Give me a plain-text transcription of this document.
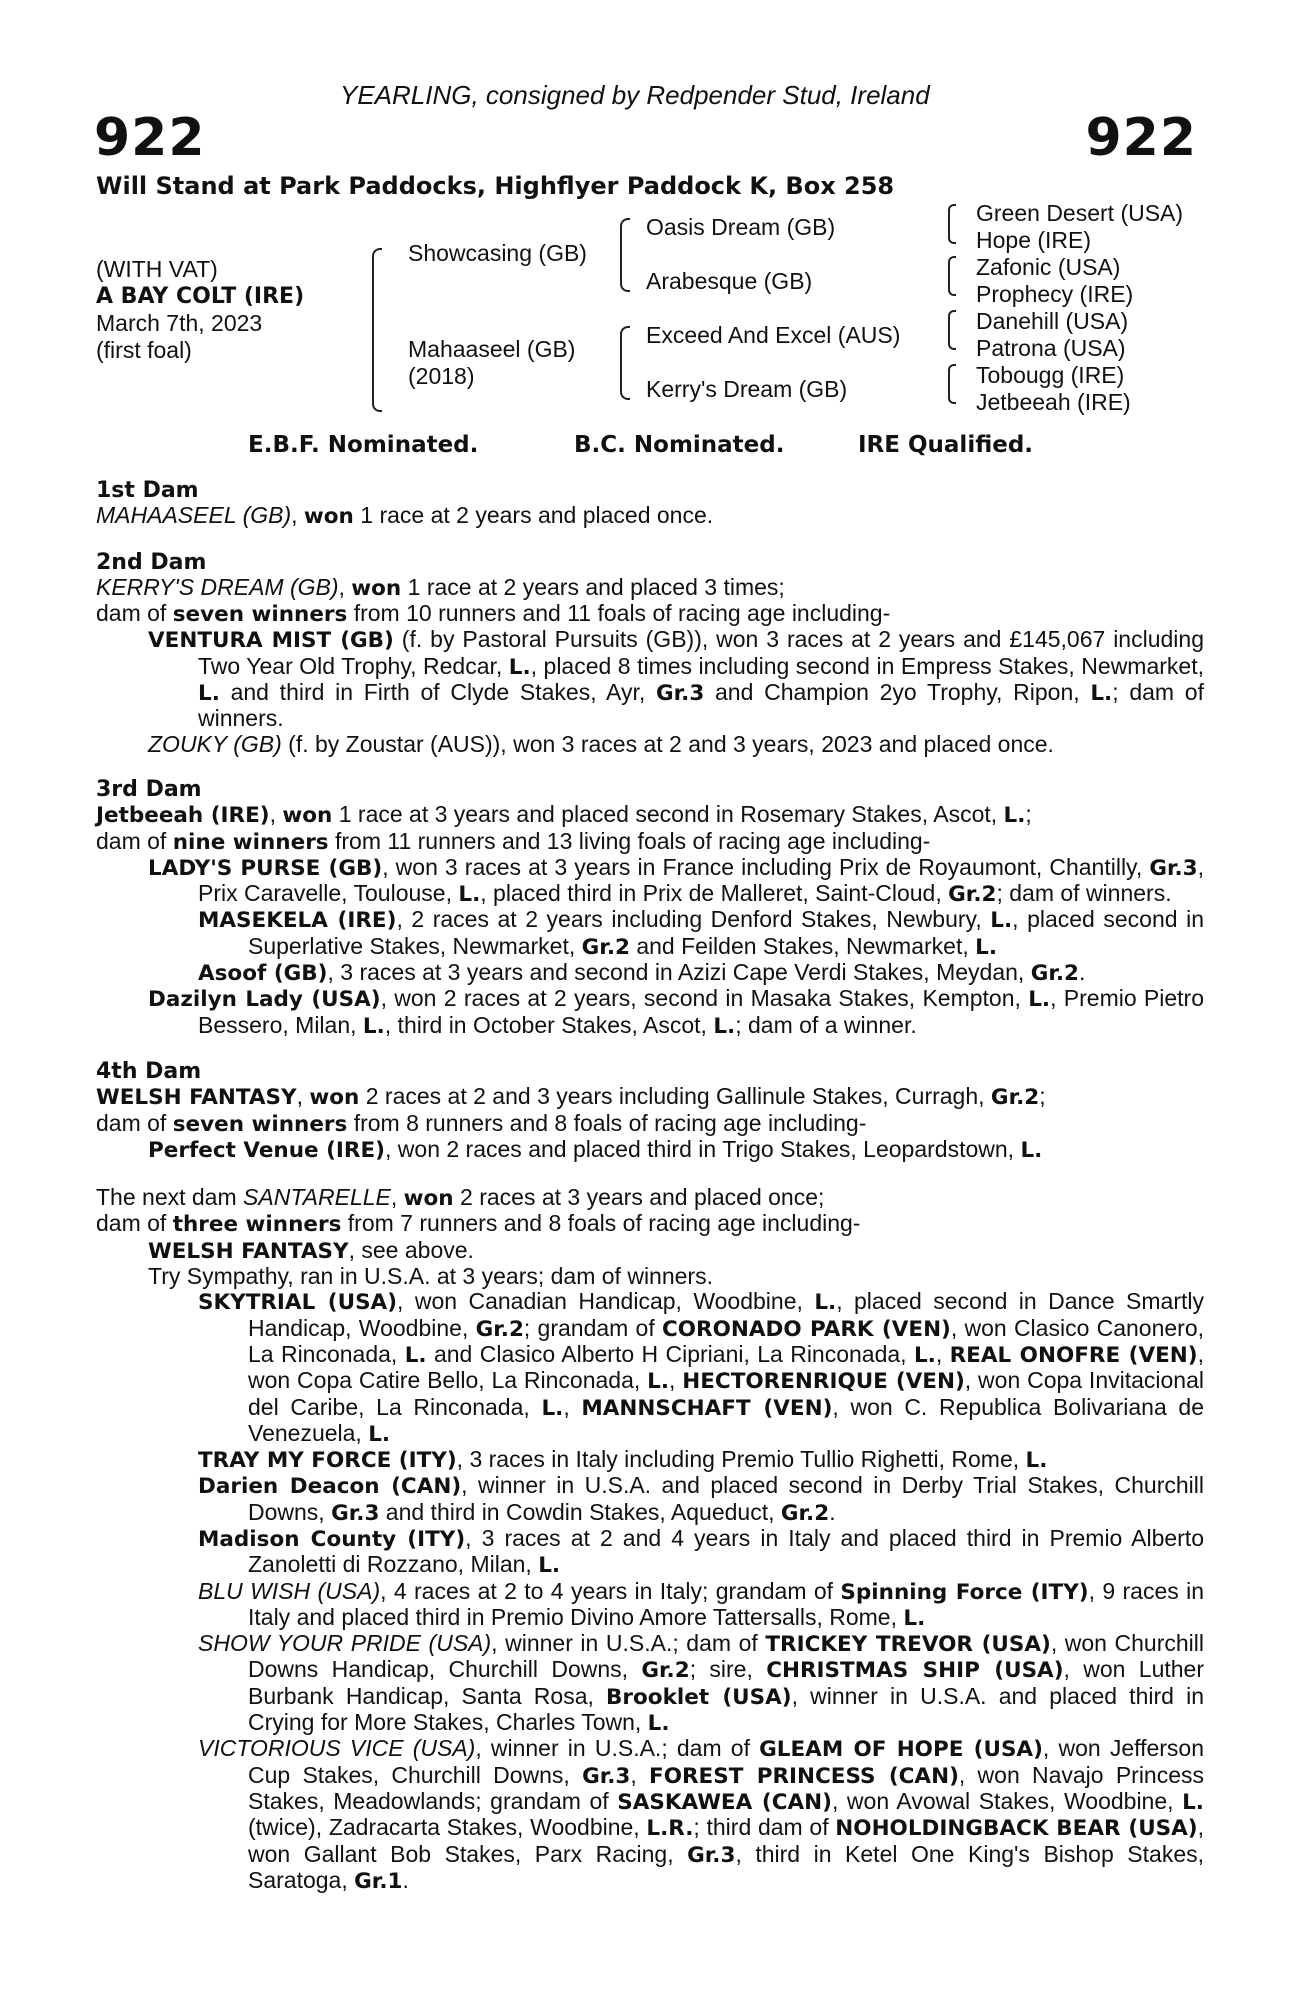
YEARLING, consigned by Redpender Stud, Ireland
922	922
Will Stand at Park Paddocks, Highflyer Paddock K, Box 258
(WITH VAT)
A BAY COLT (IRE)
March 7th, 2023
(first foal)
Showcasing (GB)
Mahaaseel (GB)
(2018)
Oasis Dream (GB)
Arabesque (GB)
Exceed And Excel (AUS)
Kerry's Dream (GB)
Green Desert (USA)
Hope (IRE)
Zafonic (USA)
Prophecy (IRE)
Danehill (USA)
Patrona (USA)
Tobougg (IRE)
Jetbeeah (IRE)
E.B.F. Nominated.	B.C. Nominated.	IRE Qualified.

1st Dam

MAHAASEEL (GB), won 1 race at 2 years and placed once.

2nd Dam

KERRY'S DREAM (GB), won 1 race at 2 years and placed 3 times;

dam of seven winners from 10 runners and 11 foals of racing age including-

VENTURA MIST (GB) (f. by Pastoral Pursuits (GB)), won 3 races at 2 years and £145,067 including Two Year Old Trophy, Redcar, L., placed 8 times including second in Empress Stakes, Newmarket, L. and third in Firth of Clyde Stakes, Ayr, Gr.3 and Champion 2yo Trophy, Ripon, L.; dam of winners.

ZOUKY (GB) (f. by Zoustar (AUS)), won 3 races at 2 and 3 years, 2023 and placed once.

3rd Dam

Jetbeeah (IRE), won 1 race at 3 years and placed second in Rosemary Stakes, Ascot, L.;

dam of nine winners from 11 runners and 13 living foals of racing age including-

LADY'S PURSE (GB), won 3 races at 3 years in France including Prix de Royaumont, Chantilly, Gr.3, Prix Caravelle, Toulouse, L., placed third in Prix de Malleret, Saint-Cloud, Gr.2; dam of winners.

MASEKELA (IRE), 2 races at 2 years including Denford Stakes, Newbury, L., placed second in Superlative Stakes, Newmarket, Gr.2 and Feilden Stakes, Newmarket, L.

Asoof (GB), 3 races at 3 years and second in Azizi Cape Verdi Stakes, Meydan, Gr.2.

Dazilyn Lady (USA), won 2 races at 2 years, second in Masaka Stakes, Kempton, L., Premio Pietro Bessero, Milan, L., third in October Stakes, Ascot, L.; dam of a winner.

4th Dam

WELSH FANTASY, won 2 races at 2 and 3 years including Gallinule Stakes, Curragh, Gr.2;

dam of seven winners from 8 runners and 8 foals of racing age including-

Perfect Venue (IRE), won 2 races and placed third in Trigo Stakes, Leopardstown, L.

The next dam SANTARELLE, won 2 races at 3 years and placed once;

dam of three winners from 7 runners and 8 foals of racing age including-

WELSH FANTASY, see above.

Try Sympathy, ran in U.S.A. at 3 years; dam of winners.

SKYTRIAL (USA), won Canadian Handicap, Woodbine, L., placed second in Dance Smartly Handicap, Woodbine, Gr.2; grandam of CORONADO PARK (VEN), won Clasico Canonero, La Rinconada, L. and Clasico Alberto H Cipriani, La Rinconada, L., REAL ONOFRE (VEN), won Copa Catire Bello, La Rinconada, L., HECTORENRIQUE (VEN), won Copa Invitacional del Caribe, La Rinconada, L., MANNSCHAFT (VEN), won C. Republica Bolivariana de Venezuela, L.

TRAY MY FORCE (ITY), 3 races in Italy including Premio Tullio Righetti, Rome, L.

Darien Deacon (CAN), winner in U.S.A. and placed second in Derby Trial Stakes, Churchill Downs, Gr.3 and third in Cowdin Stakes, Aqueduct, Gr.2.

Madison County (ITY), 3 races at 2 and 4 years in Italy and placed third in Premio Alberto Zanoletti di Rozzano, Milan, L.

BLU WISH (USA), 4 races at 2 to 4 years in Italy; grandam of Spinning Force (ITY), 9 races in Italy and placed third in Premio Divino Amore Tattersalls, Rome, L.

SHOW YOUR PRIDE (USA), winner in U.S.A.; dam of TRICKEY TREVOR (USA), won Churchill Downs Handicap, Churchill Downs, Gr.2; sire, CHRISTMAS SHIP (USA), won Luther Burbank Handicap, Santa Rosa, Brooklet (USA), winner in U.S.A. and placed third in Crying for More Stakes, Charles Town, L.

VICTORIOUS VICE (USA), winner in U.S.A.; dam of GLEAM OF HOPE (USA), won Jefferson Cup Stakes, Churchill Downs, Gr.3, FOREST PRINCESS (CAN), won Navajo Princess Stakes, Meadowlands; grandam of SASKAWEA (CAN), won Avowal Stakes, Woodbine, L. (twice), Zadracarta Stakes, Woodbine, L.R.; third dam of NOHOLDINGBACK BEAR (USA), won Gallant Bob Stakes, Parx Racing, Gr.3, third in Ketel One King's Bishop Stakes, Saratoga, Gr.1.
